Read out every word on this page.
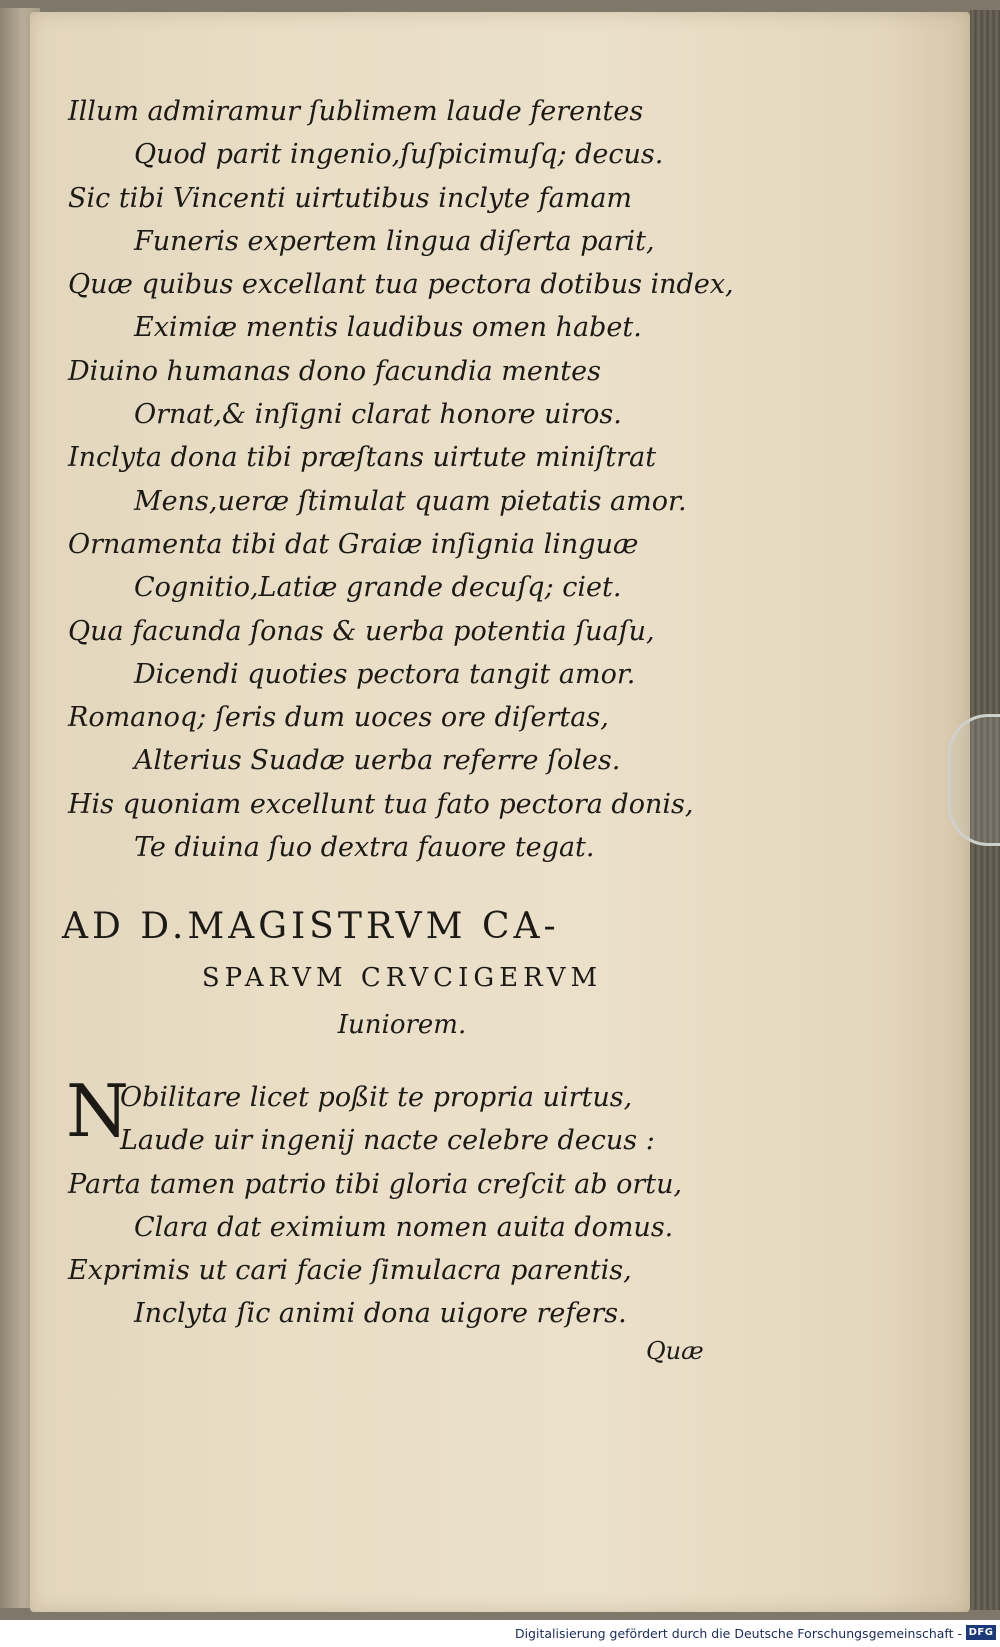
Illum admiramur ſublimem laude ferentes
Quod parit ingenio,ſuſpicimuſq; decus.
Sic tibi Vincenti uirtutibus inclyte famam
Funeris expertem lingua diſerta parit,
Quæ quibus excellant tua pectora dotibus index,
Eximiæ mentis laudibus omen habet.
Diuino humanas dono facundia mentes
Ornat,& inſigni clarat honore uiros.
Inclyta dona tibi præſtans uirtute miniſtrat
Mens,ueræ ſtimulat quam pietatis amor.
Ornamenta tibi dat Graiæ inſignia linguæ
Cognitio,Latiæ grande decuſq; ciet.
Qua facunda ſonas & uerba potentia ſuaſu,
Dicendi quoties pectora tangit amor.
Romanoq; ſeris dum uoces ore diſertas,
Alterius Suadæ uerba referre ſoles.
His quoniam excellunt tua fato pectora donis,
Te diuina ſuo dextra fauore tegat.
AD D.MAGISTRVM CA-
SPARVM CRVCIGERVM
Iuniorem.
N
Obilitare licet poßit te propria uirtus,
Laude uir ingenij nacte celebre decus :
Parta tamen patrio tibi gloria creſcit ab ortu,
Clara dat eximium nomen auita domus.
Exprimis ut cari facie ſimulacra parentis,
Inclyta ſic animi dona uigore refers.
Quæ
Digitalisierung gefördert durch die Deutsche Forschungsgemeinschaft - DFG
